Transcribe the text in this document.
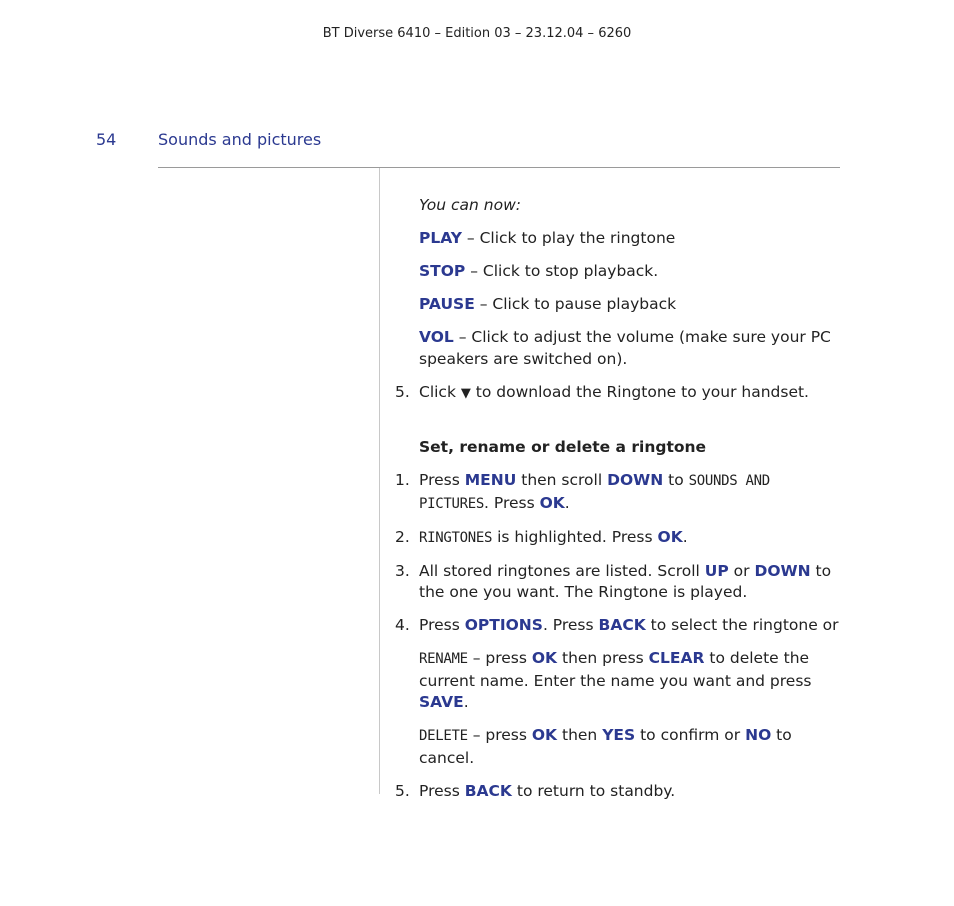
BT Diverse 6410 – Edition 03 – 23.12.04 – 6260
54	Sounds and pictures

You can now:

PLAY – Click to play the ringtone

STOP – Click to stop playback.

PAUSE – Click to pause playback

VOL – Click to adjust the volume (make sure your PC speakers are switched on).

5. Click ▼ to download the Ringtone to your handset.
Set, rename or delete a ringtone
1. Press MENU then scroll DOWN to SOUNDS AND PICTURES. Press OK.
2. RINGTONES is highlighted. Press OK.
3. All stored ringtones are listed. Scroll UP or DOWN to the one you want. The Ringtone is played.
4. Press OPTIONS. Press BACK to select the ringtone or

RENAME – press OK then press CLEAR to delete the current name. Enter the name you want and press SAVE.

DELETE – press OK then YES to confirm or NO to cancel.

5. Press BACK to return to standby.
